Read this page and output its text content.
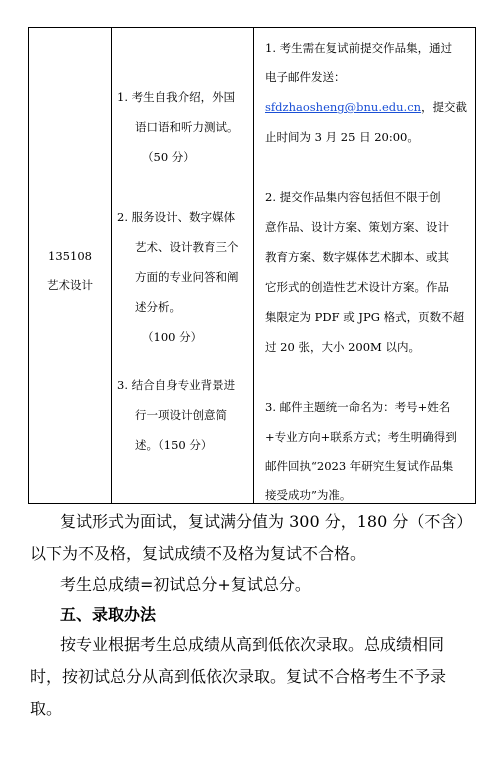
135108
艺术设计
1. 考生自我介绍，外国
语口语和听力测试。
（50 分）
2. 服务设计、数字媒体
艺术、设计教育三个
方面的专业问答和阐
述分析。
（100 分）
3. 结合自身专业背景进
行一项设计创意简
述。（150 分）
1. 考生需在复试前提交作品集，通过
电子邮件发送：
sfdzhaosheng@bnu.edu.cn，提交截
止时间为 3 月 25 日 20:00。
2. 提交作品集内容包括但不限于创
意作品、设计方案、策划方案、设计
教育方案、数字媒体艺术脚本、或其
它形式的创造性艺术设计方案。作品
集限定为 PDF 或 JPG 格式，页数不超
过 20 张，大小 200M 以内。
3. 邮件主题统一命名为：考号+姓名
+专业方向+联系方式；考生明确得到
邮件回执“2023 年研究生复试作品集
接受成功”为准。
复试形式为面试，复试满分值为 300 分，180 分（不含）
以下为不及格，复试成绩不及格为复试不合格。
考生总成绩=初试总分+复试总分。
五、录取办法
按专业根据考生总成绩从高到低依次录取。总成绩相同
时，按初试总分从高到低依次录取。复试不合格考生不予录
取。
